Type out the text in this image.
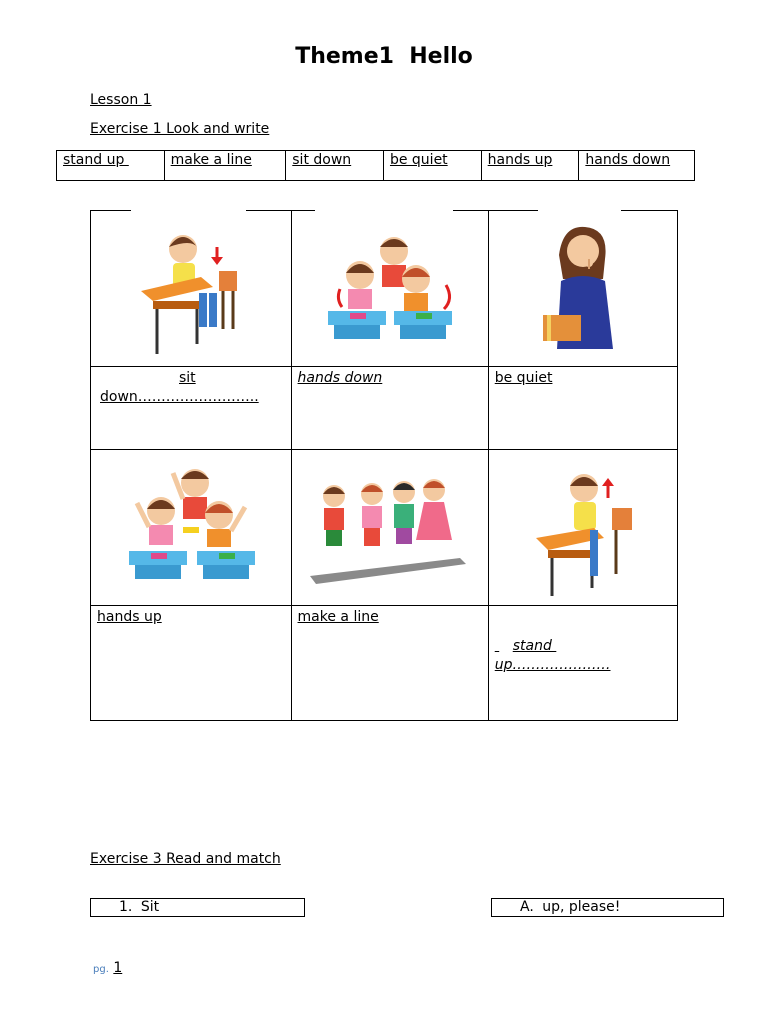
Theme1  Hello
Lesson 1
Exercise 1 Look and write
stand up	make a line	sit down	be quiet	hands up	hands down

sit
down……………………..	hands down	be quiet

hands up	make a line	stand
up…………………
Exercise 3 Read and match
1. Sit	A. up, please!
pg. 1
